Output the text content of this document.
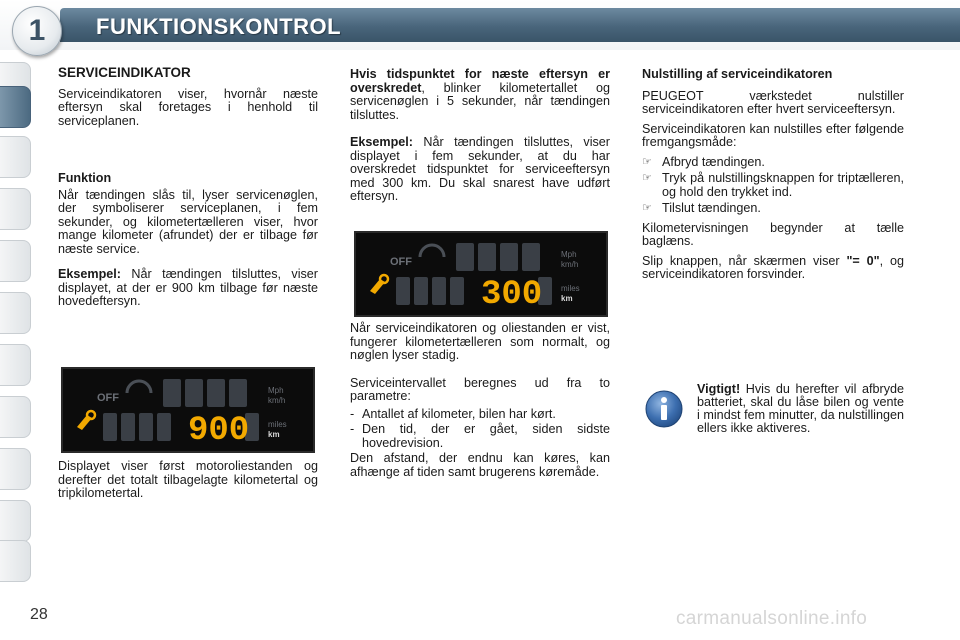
1	FUNKTIONSKONTROL
SERVICEINDIKATOR

Serviceindikatoren viser, hvornår næste eftersyn skal foretages i henhold til serviceplanen.

Funktion

Når tændingen slås til, lyser servicenøglen, der symboliserer serviceplanen, i fem sekunder, og kilometertælleren viser, hvor mange kilometer (afrundet) der er tilbage før næste service.

Eksempel: Når tændingen tilsluttes, viser displayet, at der er 900 km tilbage før næste hovedeftersyn.

OFF
900
Mph
km/h
miles
km

Displayet viser først motoroliestanden og derefter det totalt tilbagelagte kilometertal og tripkilometertal.

Hvis tidspunktet for næste eftersyn er overskredet, blinker kilometertallet og servicenøglen i 5 sekunder, når tændingen tilsluttes.

Eksempel: Når tændingen tilsluttes, viser displayet i fem sekunder, at du har overskredet tidspunktet for serviceeftersyn med 300 km. Du skal snarest have udført eftersyn.

OFF
300
Mph
km/h
miles
km

Når serviceindikatoren og oliestanden er vist, fungerer kilometertælleren som normalt, og nøglen lyser stadig.

Serviceintervallet beregnes ud fra to parametre:

- Antallet af kilometer, bilen har kørt.
- Den tid, der er gået, siden sidste hovedrevision.

Den afstand, der endnu kan køres, kan afhænge af tiden samt brugerens køremåde.

Nulstilling af serviceindikatoren

PEUGEOT værkstedet nulstiller serviceindikatoren efter hvert serviceeftersyn.

Serviceindikatoren kan nulstilles efter følgende fremgangsmåde:

☞ Afbryd tændingen.
☞ Tryk på nulstillingsknappen for triptælleren, og hold den trykket ind.
☞ Tilslut tændingen.

Kilometervisningen begynder at tælle baglæns.

Slip knappen, når skærmen viser "= 0", og serviceindikatoren forsvinder.

Vigtigt! Hvis du herefter vil afbryde batteriet, skal du låse bilen og vente i mindst fem minutter, da nulstillingen ellers ikke aktiveres.
28	carmanualsonline.info
